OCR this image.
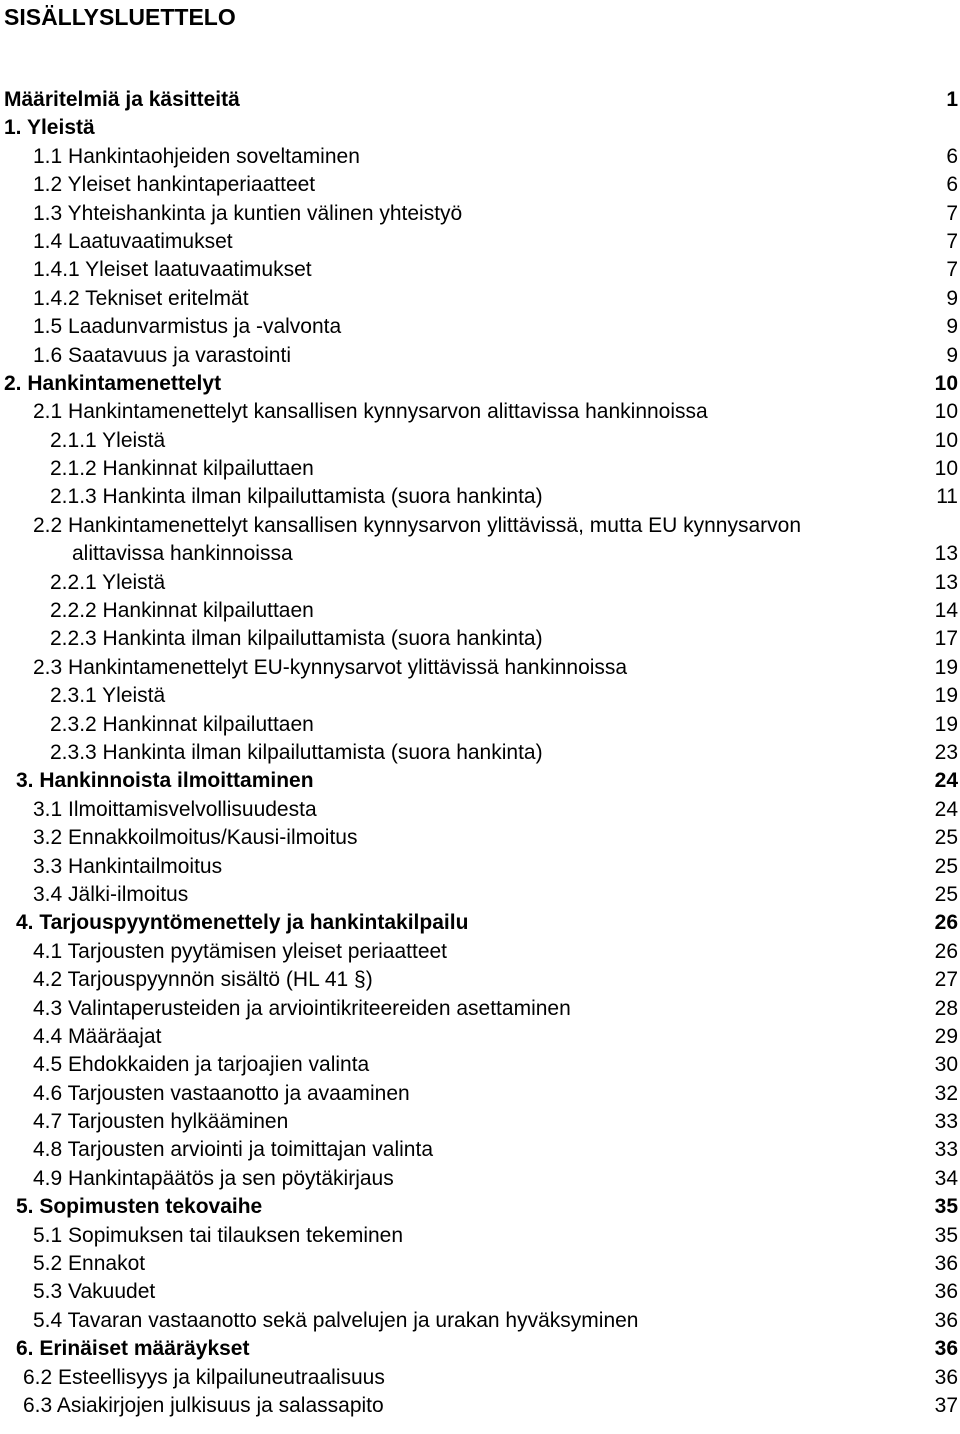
SISÄLLYSLUETTELO
Määritelmiä ja käsitteitä	1
1. Yleistä
1.1 Hankintaohjeiden soveltaminen	6
1.2 Yleiset hankintaperiaatteet	6
1.3 Yhteishankinta ja kuntien välinen yhteistyö	7
1.4 Laatuvaatimukset	7
1.4.1 Yleiset laatuvaatimukset	7
1.4.2 Tekniset eritelmät	9
1.5 Laadunvarmistus ja -valvonta	9
1.6 Saatavuus ja varastointi	9
2. Hankintamenettelyt	10
2.1 Hankintamenettelyt kansallisen kynnysarvon alittavissa hankinnoissa	10
2.1.1 Yleistä	10
2.1.2 Hankinnat kilpailuttaen	10
2.1.3 Hankinta ilman kilpailuttamista (suora hankinta)	11
2.2 Hankintamenettelyt kansallisen kynnysarvon ylittävissä, mutta EU kynnysarvon
alittavissa hankinnoissa	13
2.2.1 Yleistä	13
2.2.2 Hankinnat kilpailuttaen	14
2.2.3 Hankinta ilman kilpailuttamista (suora hankinta)	17
2.3 Hankintamenettelyt EU-kynnysarvot ylittävissä hankinnoissa	19
2.3.1 Yleistä	19
2.3.2 Hankinnat kilpailuttaen	19
2.3.3 Hankinta ilman kilpailuttamista (suora hankinta)	23
3. Hankinnoista ilmoittaminen	24
3.1 Ilmoittamisvelvollisuudesta	24
3.2 Ennakkoilmoitus/Kausi-ilmoitus	25
3.3 Hankintailmoitus	25
3.4 Jälki-ilmoitus	25
4. Tarjouspyyntömenettely ja hankintakilpailu	26
4.1 Tarjousten pyytämisen yleiset periaatteet	26
4.2 Tarjouspyynnön sisältö (HL 41 §)	27
4.3 Valintaperusteiden ja arviointikriteereiden asettaminen	28
4.4 Määräajat	29
4.5 Ehdokkaiden ja tarjoajien valinta	30
4.6 Tarjousten vastaanotto ja avaaminen	32
4.7 Tarjousten hylkääminen	33
4.8 Tarjousten arviointi ja toimittajan valinta	33
4.9 Hankintapäätös ja sen pöytäkirjaus	34
5. Sopimusten tekovaihe	35
5.1 Sopimuksen tai tilauksen tekeminen	35
5.2 Ennakot	36
5.3 Vakuudet	36
5.4 Tavaran vastaanotto sekä palvelujen ja urakan hyväksyminen	36
6. Erinäiset määräykset	36
6.2 Esteellisyys ja kilpailuneutraalisuus	36
6.3 Asiakirjojen julkisuus ja salassapito	37
